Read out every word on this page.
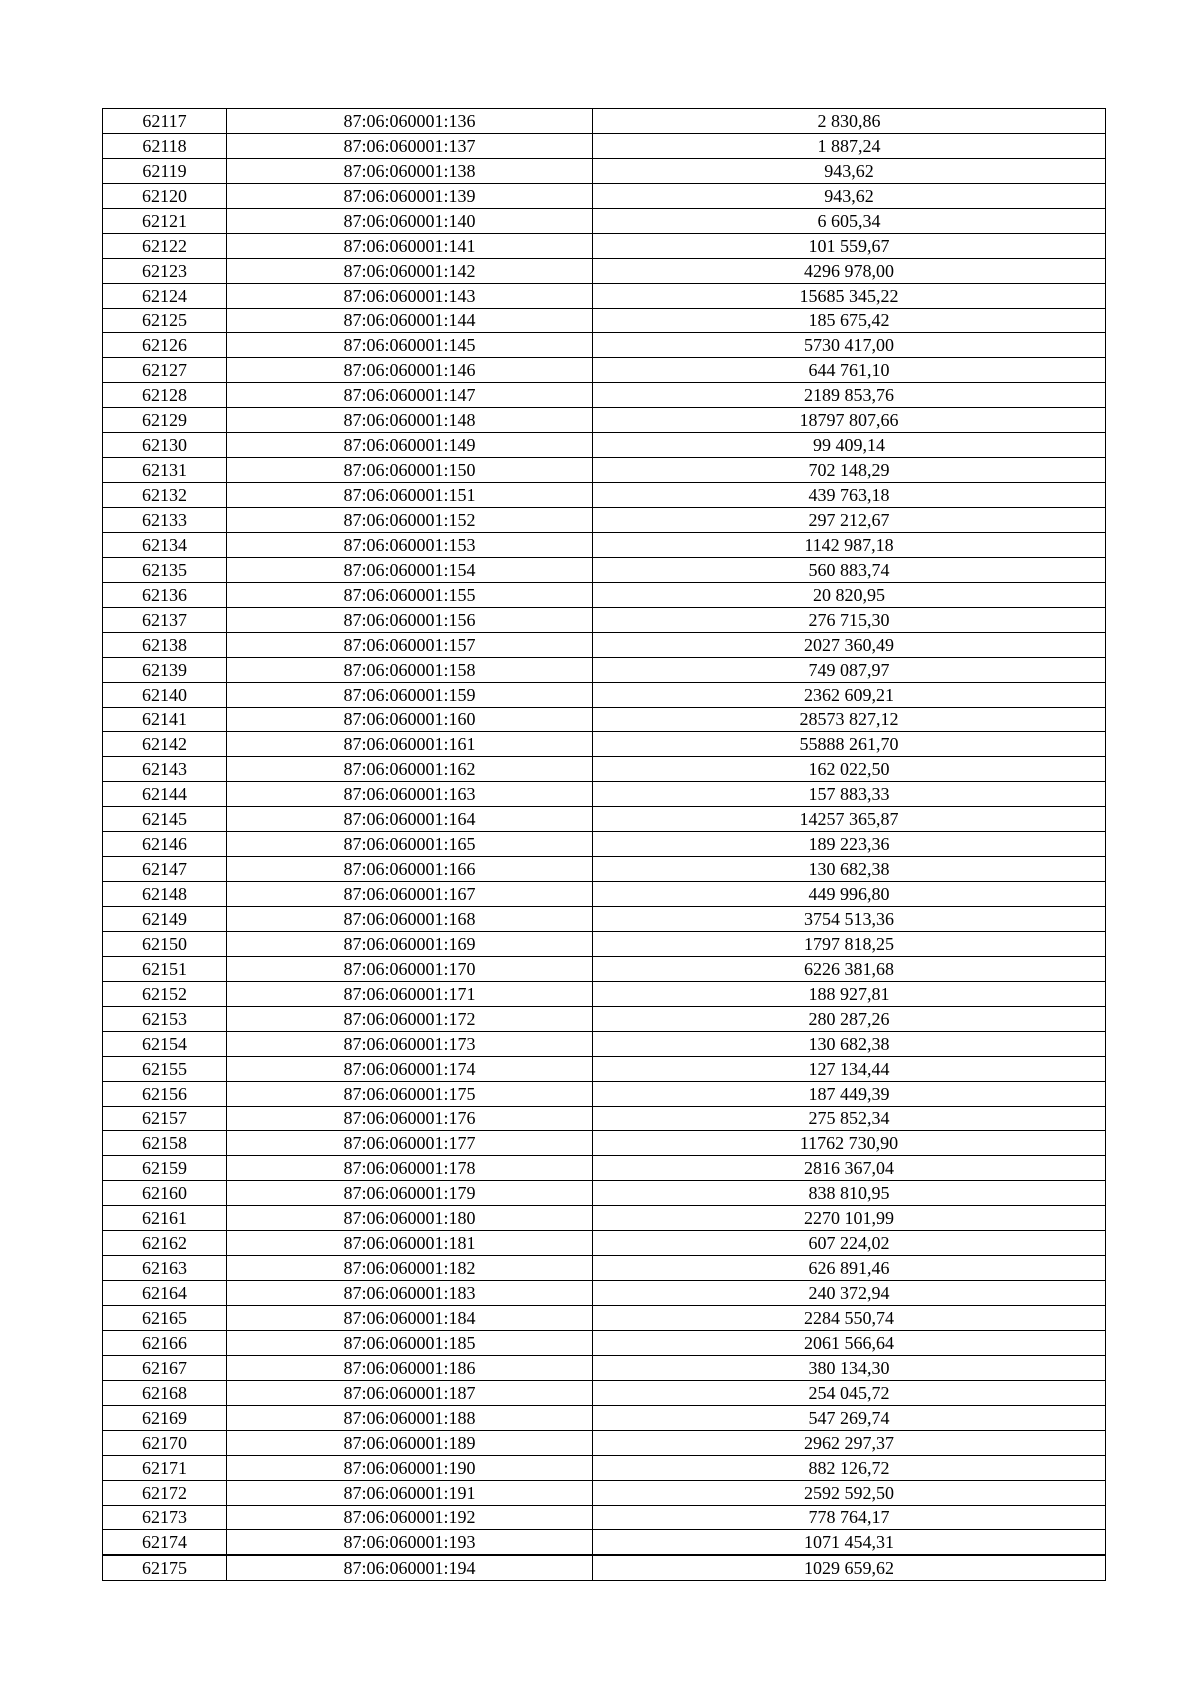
62117	87:06:060001:136	2 830,86
62118	87:06:060001:137	1 887,24
62119	87:06:060001:138	943,62
62120	87:06:060001:139	943,62
62121	87:06:060001:140	6 605,34
62122	87:06:060001:141	101 559,67
62123	87:06:060001:142	4296 978,00
62124	87:06:060001:143	15685 345,22
62125	87:06:060001:144	185 675,42
62126	87:06:060001:145	5730 417,00
62127	87:06:060001:146	644 761,10
62128	87:06:060001:147	2189 853,76
62129	87:06:060001:148	18797 807,66
62130	87:06:060001:149	99 409,14
62131	87:06:060001:150	702 148,29
62132	87:06:060001:151	439 763,18
62133	87:06:060001:152	297 212,67
62134	87:06:060001:153	1142 987,18
62135	87:06:060001:154	560 883,74
62136	87:06:060001:155	20 820,95
62137	87:06:060001:156	276 715,30
62138	87:06:060001:157	2027 360,49
62139	87:06:060001:158	749 087,97
62140	87:06:060001:159	2362 609,21
62141	87:06:060001:160	28573 827,12
62142	87:06:060001:161	55888 261,70
62143	87:06:060001:162	162 022,50
62144	87:06:060001:163	157 883,33
62145	87:06:060001:164	14257 365,87
62146	87:06:060001:165	189 223,36
62147	87:06:060001:166	130 682,38
62148	87:06:060001:167	449 996,80
62149	87:06:060001:168	3754 513,36
62150	87:06:060001:169	1797 818,25
62151	87:06:060001:170	6226 381,68
62152	87:06:060001:171	188 927,81
62153	87:06:060001:172	280 287,26
62154	87:06:060001:173	130 682,38
62155	87:06:060001:174	127 134,44
62156	87:06:060001:175	187 449,39
62157	87:06:060001:176	275 852,34
62158	87:06:060001:177	11762 730,90
62159	87:06:060001:178	2816 367,04
62160	87:06:060001:179	838 810,95
62161	87:06:060001:180	2270 101,99
62162	87:06:060001:181	607 224,02
62163	87:06:060001:182	626 891,46
62164	87:06:060001:183	240 372,94
62165	87:06:060001:184	2284 550,74
62166	87:06:060001:185	2061 566,64
62167	87:06:060001:186	380 134,30
62168	87:06:060001:187	254 045,72
62169	87:06:060001:188	547 269,74
62170	87:06:060001:189	2962 297,37
62171	87:06:060001:190	882 126,72
62172	87:06:060001:191	2592 592,50
62173	87:06:060001:192	778 764,17
62174	87:06:060001:193	1071 454,31
62175	87:06:060001:194	1029 659,62
